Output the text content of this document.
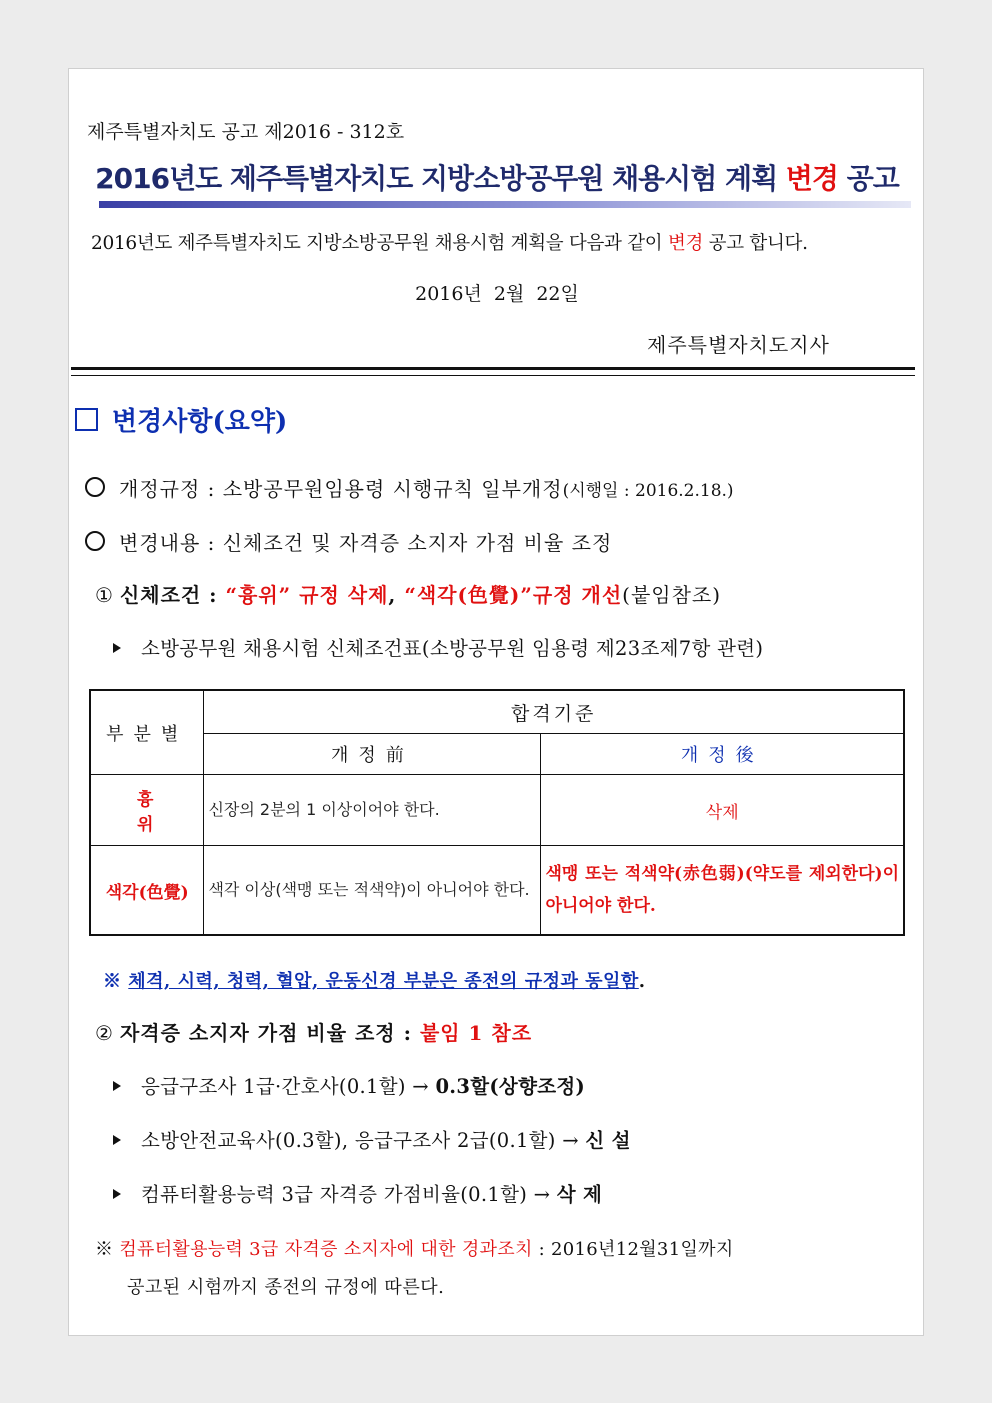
제주특별자치도 공고 제2016 - 312호
2016년도 제주특별자치도 지방소방공무원 채용시험 계획 변경 공고
2016년도 제주특별자치도 지방소방공무원 채용시험 계획을 다음과 같이 변경 공고 합니다.
2016년 2월 22일
제주특별자치도지사
변경사항(요약)
개정규정 : 소방공무원임용령 시행규칙 일부개정(시행일 : 2016.2.18.)
변경내용 : 신체조건 및 자격증 소지자 가점 비율 조정
① 신체조건 : “흉위” 규정 삭제, “색각(色覺)”규정 개선(붙임참조)
소방공무원 채용시험 신체조건표(소방공무원 임용령 제23조제7항 관련)
부분별	합격기준	
	개정前	개정後
흉위	신장의 2분의 1 이상이어야 한다.	삭제
색각(色覺)	색각 이상(색맹 또는 적색약)이 아니어야 한다.	색맹 또는 적색약(赤色弱)(약도를 제외한다)이 아니어야 한다.
※ 체격, 시력, 청력, 혈압, 운동신경 부분은 종전의 규정과 동일함.
② 자격증 소지자 가점 비율 조정 : 붙임 1 참조
응급구조사 1급·간호사(0.1할) → 0.3할(상향조정)
소방안전교육사(0.3할), 응급구조사 2급(0.1할) → 신 설
컴퓨터활용능력 3급 자격증 가점비율(0.1할) → 삭 제
※ 컴퓨터활용능력 3급 자격증 소지자에 대한 경과조치 : 2016년12월31일까지
공고된 시험까지 종전의 규정에 따른다.
